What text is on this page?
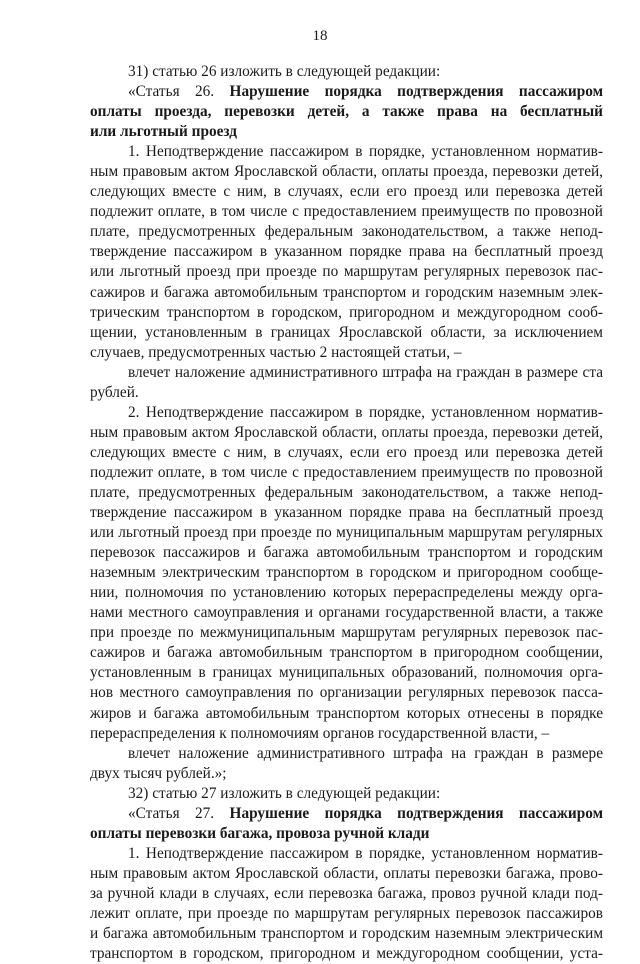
18
31) статью 26 изложить в следующей редакции:
«Статья 26. Нарушение порядка подтверждения пассажиром
оплаты проезда, перевозки детей, а также права на бесплатный
или льготный проезд
1. Неподтверждение пассажиром в порядке, установленном норматив-
ным правовым актом Ярославской области, оплаты проезда, перевозки детей,
следующих вместе с ним, в случаях, если его проезд или перевозка детей
подлежит оплате, в том числе с предоставлением преимуществ по провозной
плате, предусмотренных федеральным законодательством, а также непод-
тверждение пассажиром в указанном порядке права на бесплатный проезд
или льготный проезд при проезде по маршрутам регулярных перевозок пас-
сажиров и багажа автомобильным транспортом и городским наземным элек-
трическим транспортом в городском, пригородном и междугородном сооб-
щении, установленным в границах Ярославской области, за исключением
случаев, предусмотренных частью 2 настоящей статьи, –
влечет наложение административного штрафа на граждан в размере ста
рублей.
2. Неподтверждение пассажиром в порядке, установленном норматив-
ным правовым актом Ярославской области, оплаты проезда, перевозки детей,
следующих вместе с ним, в случаях, если его проезд или перевозка детей
подлежит оплате, в том числе с предоставлением преимуществ по провозной
плате, предусмотренных федеральным законодательством, а также непод-
тверждение пассажиром в указанном порядке права на бесплатный проезд
или льготный проезд при проезде по муниципальным маршрутам регулярных
перевозок пассажиров и багажа автомобильным транспортом и городским
наземным электрическим транспортом в городском и пригородном сообще-
нии, полномочия по установлению которых перераспределены между орга-
нами местного самоуправления и органами государственной власти, а также
при проезде по межмуниципальным маршрутам регулярных перевозок пас-
сажиров и багажа автомобильным транспортом в пригородном сообщении,
установленным в границах муниципальных образований, полномочия орга-
нов местного самоуправления по организации регулярных перевозок пасса-
жиров и багажа автомобильным транспортом которых отнесены в порядке
перераспределения к полномочиям органов государственной власти, –
влечет наложение административного штрафа на граждан в размере
двух тысяч рублей.»;
32) статью 27 изложить в следующей редакции:
«Статья 27. Нарушение порядка подтверждения пассажиром
оплаты перевозки багажа, провоза ручной клади
1. Неподтверждение пассажиром в порядке, установленном норматив-
ным правовым актом Ярославской области, оплаты перевозки багажа, прово-
за ручной клади в случаях, если перевозка багажа, провоз ручной клади под-
лежит оплате, при проезде по маршрутам регулярных перевозок пассажиров
и багажа автомобильным транспортом и городским наземным электрическим
транспортом в городском, пригородном и междугородном сообщении, уста-
